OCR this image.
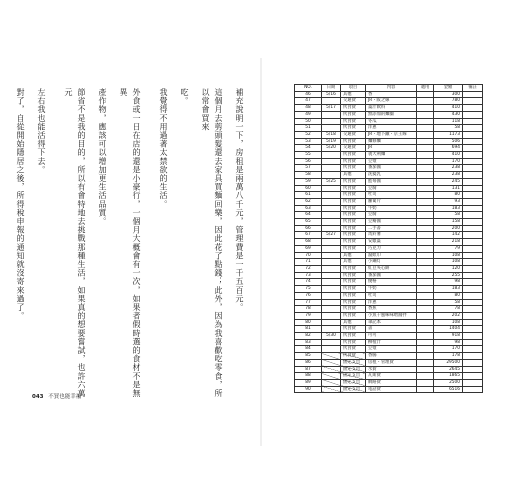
補充說明一下，房租是兩萬八千元，管理費是一千五百元。

這個月去剪頭髮還去家具買麵回樂，因此花了點錢；此外，因為我喜歡吃零食，所以常會買來

吃。

我覺得不用過著太禁欲的生活。

外食或一日在店的還是小豪行，一個月大概會有一次，如果者假時選的食材不是無異

產作物，應該可以增加更生活品質。

節省不是我的目的，所以有會特地去挑戰那種生活，如果真的想要嘗試，也許六萬元

左右我也能活得下去。

對了，自從開始隱居之後，所得稅申報的通知就沒寄來過了。

043 不買也能幸福
NO.	日期	項目	內容	適用	金額	備註
46	5/16	其他	香		300	
47		交通費	JR・阪之線		780	
48	5/17	伙食費	薑汁飲料		410	
49		伙食費	無添加的麵團		430	
50		伙食費	冬瓜		118	
51		伙食費	洋蔥		58	
52	5/18	交通費	JR・地下鐵・京王線		1173	
53	5/19	伙食費	麵條麵		506	
54	5/20	交通費	JR		694	
55		伙食費	義大利麵		410	
56		伙食費	豆漿		170	
57		伙食費	番茄醬		238	
58		其他	洗髮乳		238	
59	5/25	伙食費	藍莓醬		245	
60		伙食費	豆腐		131	
61		伙食費	吐司		80	
62		伙食費	蘿蔔片		93	
63		伙食費	牛奶		183	
64		伙食費	豆腐		58	
65		伙食費	豆瓣醬		158	
66		伙食費	二手書		200	
67	5/27	伙食費	馬鈴薯		142	
68		伙食費	安傾薑		218	
69		伙食費	巧克力		79	
70		其他	濕紙巾		108	
71		其他	小鋼灯		108	
72		伙食費	紅豆夾心餅		120	
73		伙食費	番茄醬		255	
74		伙食費	優格		98	
75		伙食費	牛奶		183	
76		伙食費	吐司		80	
77		伙食費	洋蔥		58	
78		伙食費	香蕉		78	
79		伙食費	小魚干風味味噌醬拌		202	
80		其他	筆記本		108	
81		伙食費	書		1404	
82	5/30	伙食費	可可		918	
83		伙食費	柳橙汁		98	
84		伙食費	豆漿		170	
85		伙食費	香腸		178	
86		固定支出	房租・管理費		29500	
87		固定支出	水費		2645	
88		固定支出	瓦斯費		1865	
89		固定支出	網路費		2500	
90		固定支出	電話費		6516	
